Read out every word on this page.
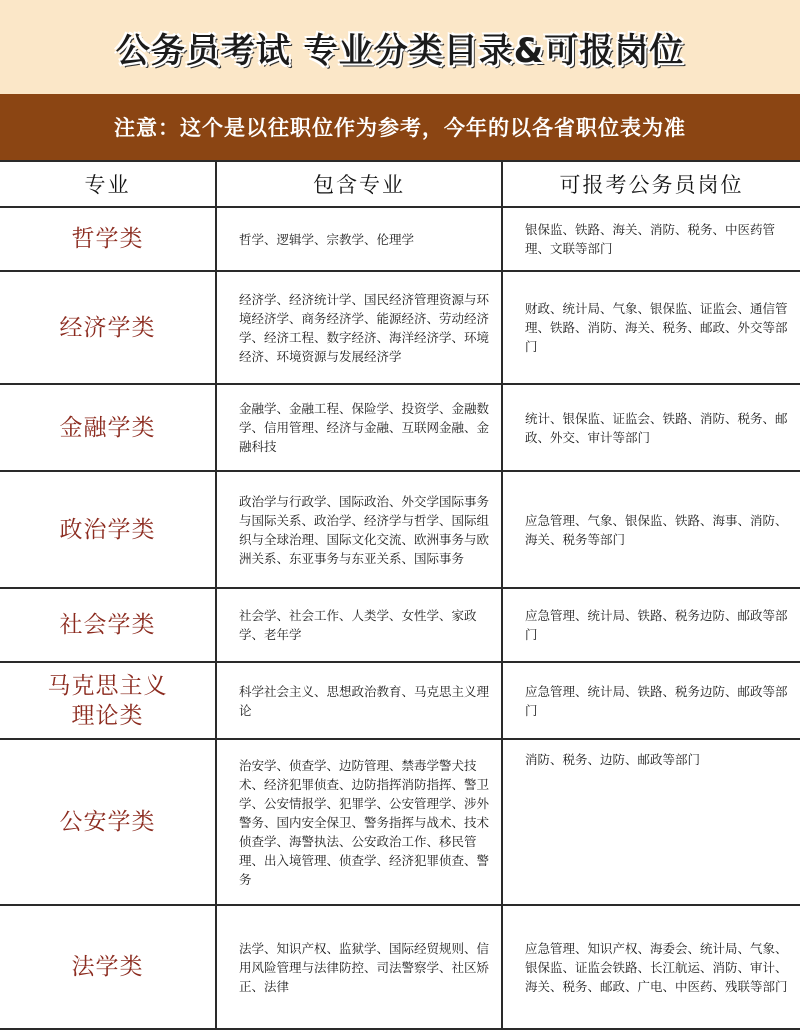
公务员考试 专业分类目录&可报岗位
注意：这个是以往职位作为参考，今年的以各省职位表为准
专业	包含专业	可报考公务员岗位
哲学类	哲学、逻辑学、宗教学、伦理学	银保监、铁路、海关、消防、税务、中医药管理、文联等部门
经济学类	经济学、经济统计学、国民经济管理资源与环境经济学、商务经济学、能源经济、劳动经济学、经济工程、数字经济、海洋经济学、环境经济、环境资源与发展经济学	财政、统计局、气象、银保监、证监会、通信管理、铁路、消防、海关、税务、邮政、外交等部门
金融学类	金融学、金融工程、保险学、投资学、金融数学、信用管理、经济与金融、互联网金融、金融科技	统计、银保监、证监会、铁路、消防、税务、邮政、外交、审计等部门
政治学类	政治学与行政学、国际政治、外交学国际事务与国际关系、政治学、经济学与哲学、国际组织与全球治理、国际文化交流、欧洲事务与欧洲关系、东亚事务与东亚关系、国际事务	应急管理、气象、银保监、铁路、海事、消防、海关、税务等部门
社会学类	社会学、社会工作、人类学、女性学、家政学、老年学	应急管理、统计局、铁路、税务边防、邮政等部门
马克思主义理论类	科学社会主义、思想政治教育、马克思主义理论	应急管理、统计局、铁路、税务边防、邮政等部门
公安学类	治安学、侦查学、边防管理、禁毒学警犬技术、经济犯罪侦查、边防指挥消防指挥、警卫学、公安情报学、犯罪学、公安管理学、涉外警务、国内安全保卫、警务指挥与战术、技术侦查学、海警执法、公安政治工作、移民管理、出入境管理、侦查学、经济犯罪侦查、警务	消防、税务、边防、邮政等部门
法学类	法学、知识产权、监狱学、国际经贸规则、信用风险管理与法律防控、司法警察学、社区矫正、法律	应急管理、知识产权、海委会、统计局、气象、银保监、证监会铁路、长江航运、消防、审计、海关、税务、邮政、广电、中医药、残联等部门
